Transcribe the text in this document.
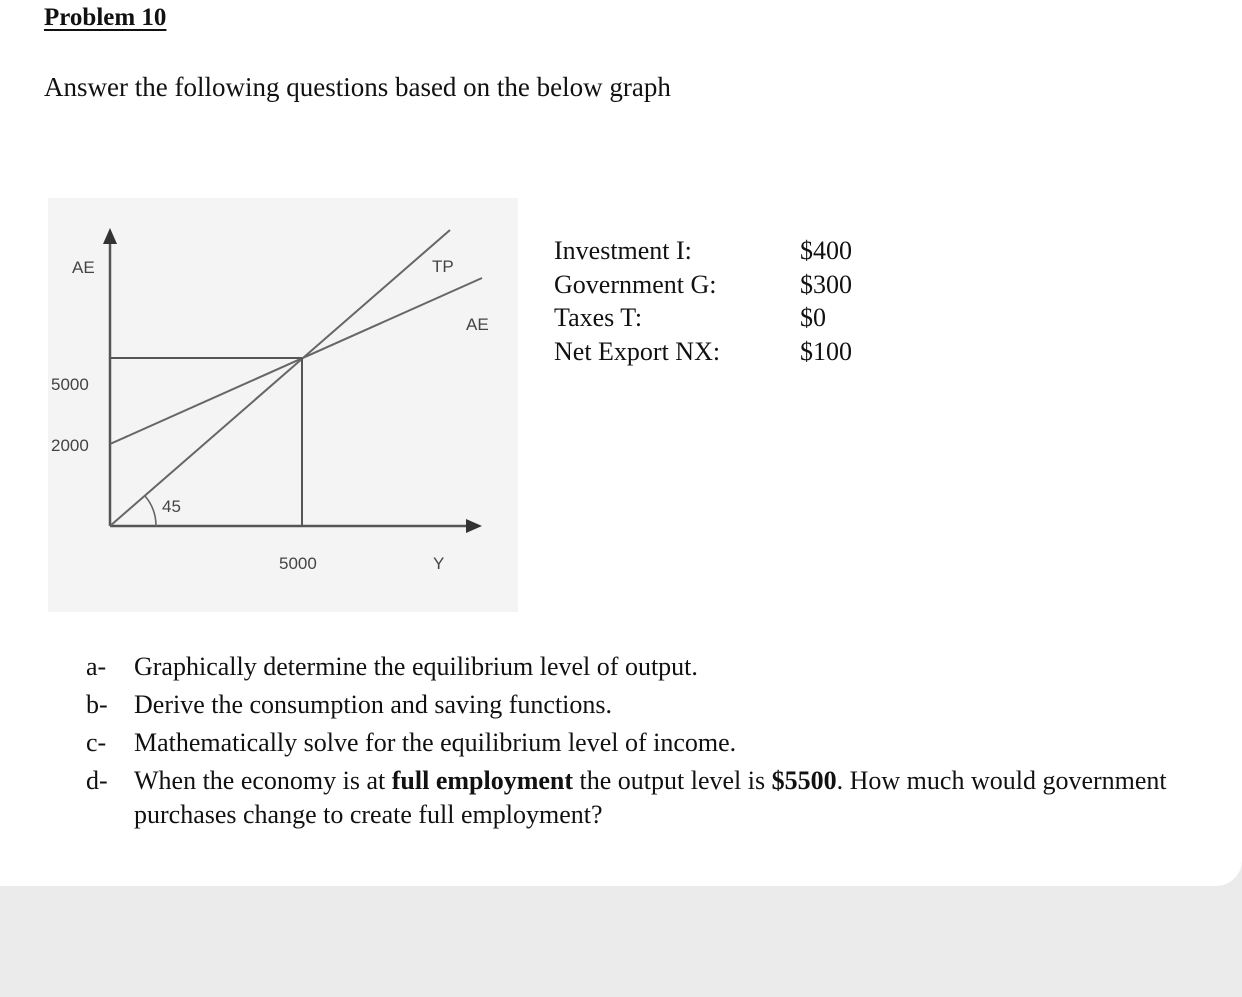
Problem 10
Answer the following questions based on the below graph
AE	TP
AE
5000
2000
45
5000	Y
Investment I:	$400
Government G:	$300
Taxes T:	$0
Net Export NX:	$100
a- Graphically determine the equilibrium level of output.
b- Derive the consumption and saving functions.
c- Mathematically solve for the equilibrium level of income.
d- When the economy is at full employment the output level is $5500. How much would government purchases change to create full employment?
